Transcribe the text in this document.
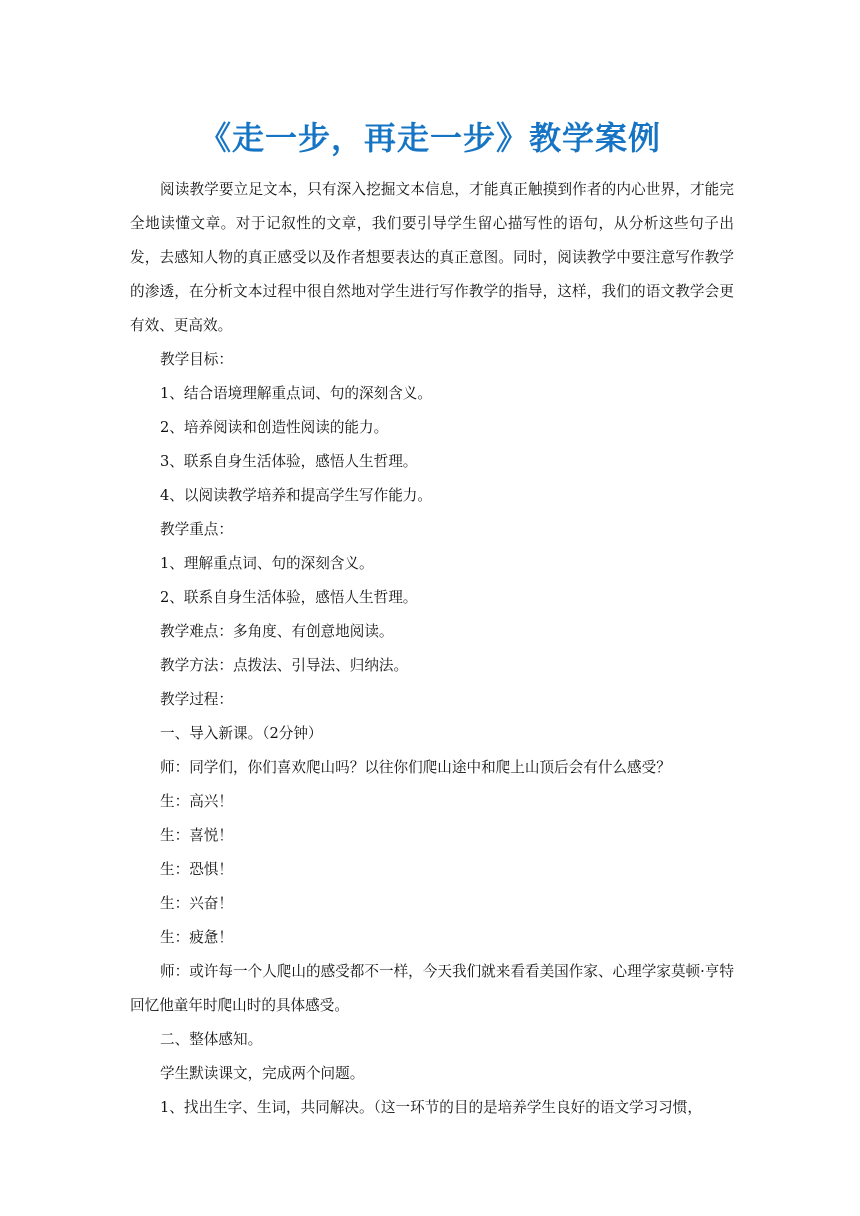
《走一步，再走一步》教学案例

阅读教学要立足文本，只有深入挖掘文本信息，才能真正触摸到作者的内心世界，才能完全地读懂文章。对于记叙性的文章，我们要引导学生留心描写性的语句，从分析这些句子出发，去感知人物的真正感受以及作者想要表达的真正意图。同时，阅读教学中要注意写作教学的渗透，在分析文本过程中很自然地对学生进行写作教学的指导，这样，我们的语文教学会更有效、更高效。

教学目标：

1、结合语境理解重点词、句的深刻含义。

2、培养阅读和创造性阅读的能力。

3、联系自身生活体验，感悟人生哲理。

4、以阅读教学培养和提高学生写作能力。

教学重点：

1、理解重点词、句的深刻含义。

2、联系自身生活体验，感悟人生哲理。

教学难点：多角度、有创意地阅读。

教学方法：点拨法、引导法、归纳法。

教学过程：

一、导入新课。（2分钟）

师：同学们，你们喜欢爬山吗？以往你们爬山途中和爬上山顶后会有什么感受？

生：高兴！

生：喜悦！

生：恐惧！

生：兴奋！

生：疲惫！

师：或许每一个人爬山的感受都不一样，今天我们就来看看美国作家、心理学家莫顿·亨特回忆他童年时爬山时的具体感受。

二、整体感知。

学生默读课文，完成两个问题。

1、找出生字、生词，共同解决。（这一环节的目的是培养学生良好的语文学习习惯，
